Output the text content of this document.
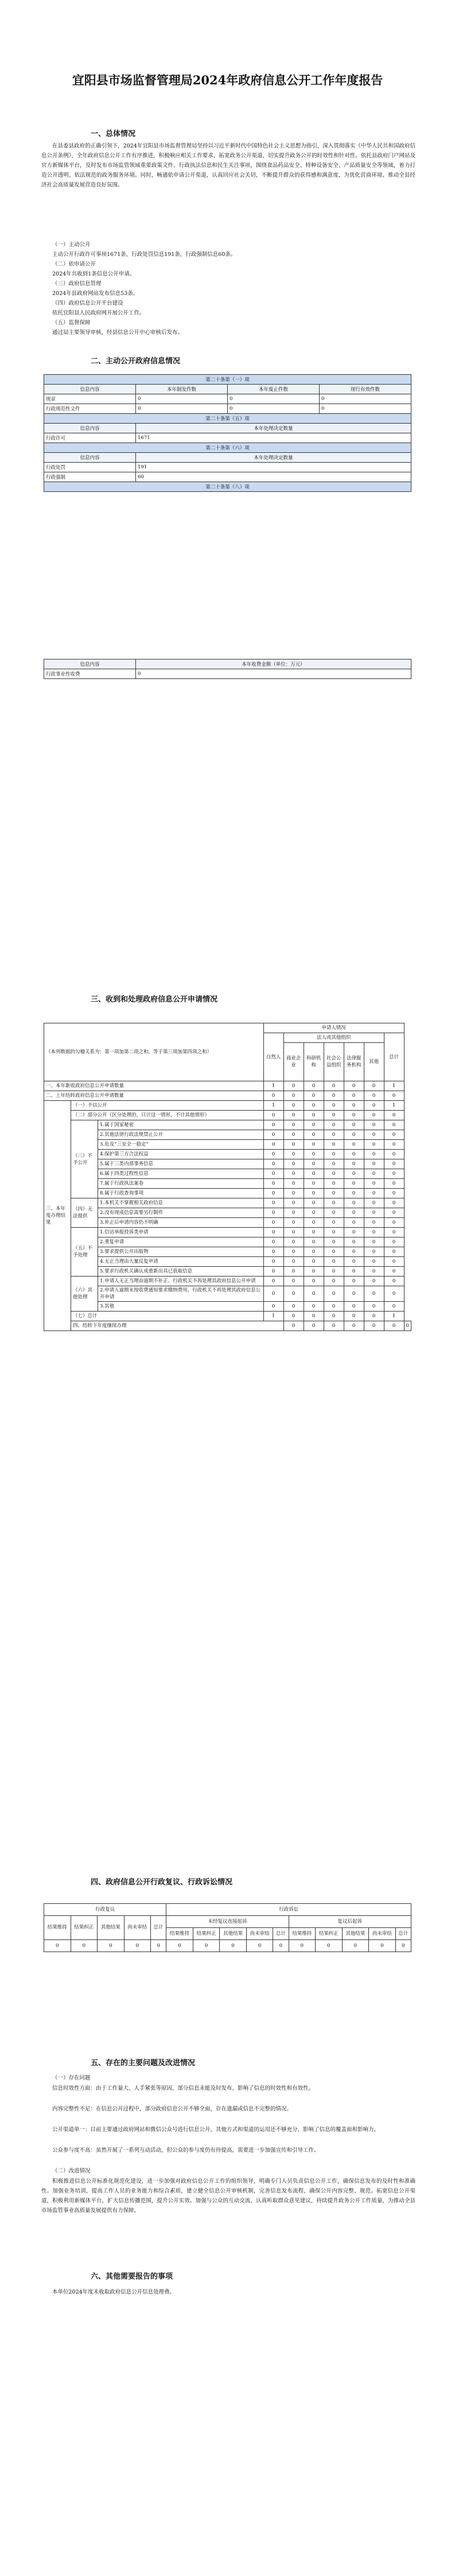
宜阳县市场监督管理局2024年政府信息公开工作年度报告
一、总体情况
在县委县政府的正确引领下，2024年宜阳县市场监督管理局坚持以习近平新时代中国特色社会主义思想为指引，深入贯彻落实《中华人民共和国政府信息公开条例》，全年政府信息公开工作有序推进，积极响应相关工作要求，拓宽政务公开渠道，切实提升政务公开的时效性和针对性。依托县政府门户网站及官方新媒体平台，及时发布市场监管领域重要政策文件、行政执法信息和民生关注事项，围绕食品药品安全、特种设备安全、产品质量安全等领域，着力打造公开透明、依法规范的政务服务环境。同时，畅通依申请公开渠道，认真回应社会关切，不断提升群众的获得感和满意度，为优化营商环境、推动全县经济社会高质量发展营造良好氛围。
（一）主动公开
主动公开行政许可事项1671条，行政处罚信息191条，行政强制信息60条。
（二）依申请公开
2024年共收到1条信息公开申请。
（三）政府信息管理
2024年县政府网站发布信息53条。
（四）政府信息公开平台建设
依托宜阳县人民政府网开展公开工作。
（五）监督保障
通过局主要领导审核，经县信息公开中心审核后发布。
二、主动公开政府信息情况
第二十条第（一）项			
信息内容	本年制发件数	本年废止件数	现行有效件数
规章	0	0	0
行政规范性文件	0	0	0
第二十条第（五）项			
信息内容	本年处理决定数量		
行政许可	1671		
第二十条第（六）项			
信息内容	本年处理决定数量		
行政处罚	191		
行政强制	60		
第二十条第（八）项			
信息内容	本年收费金额（单位：万元）
行政事业性收费	0
三、收到和处理政府信息公开申请情况
（本列数据的勾稽关系为：第一项加第二项之和，等于第三项加第四项之和）			申请人情况							
			自然人	法人或其他组织					总计	
				商业企业	科研机构	社会公益组织	法律服务机构	其他		
一、本年新收政府信息公开申请数量			1	0	0	0	0	0	1	
二、上年结转政府信息公开申请数量			0	0	0	0	0	0	0	
三、本年度办理结果	（一）予以公开		1	0	0	0	0	0	1	
	（二）部分公开（区分处理的，只计这一情形，不计其他情形）		0	0	0	0	0	0	0	
	（三）不予公开	1.属于国家秘密	0	0	0	0	0	0	0	
		2.其他法律行政法规禁止公开	0	0	0	0	0	0	0	
		3.危及“三安全一稳定”	0	0	0	0	0	0	0	
		4.保护第三方合法权益	0	0	0	0	0	0	0	
		5.属于三类内部事务信息	0	0	0	0	0	0	0	
		6.属于四类过程性信息	0	0	0	0	0	0	0	
		7.属于行政执法案卷	0	0	0	0	0	0	0	
		8.属于行政查询事项	0	0	0	0	0	0	0	
	（四）无法提供	1.本机关不掌握相关政府信息	0	0	0	0	0	0	0	
		2.没有现成信息需要另行制作	0	0	0	0	0	0	0	
		3.补正后申请内容仍不明确	0	0	0	0	0	0	0	
	（五）不予处理	1.信访举报投诉类申请	0	0	0	0	0	0	0	
		2.重复申请	0	0	0	0	0	0	0	
		3.要求提供公开出版物	0	0	0	0	0	0	0	
		4.无正当理由大量反复申请	0	0	0	0	0	0	0	
		5.要求行政机关确认或重新出具已获取信息	0	0	0	0	0	0	0	
	（六）其他处理	1.申请人无正当理由逾期不补正、行政机关不再处理其政府信息公开申请	0	0	0	0	0	0	0	
		2.申请人逾期未按收费通知要求缴纳费用、行政机关不再处理其政府信息公开申请	0	0	0	0	0	0	0	
		3.其他	0	0	0	0	0	0	0	
	（七）总计		1	0	0	0	0	0	1	
	四、结转下年度继续办理			0	0	0	0	0	0	0
四、政府信息公开行政复议、行政诉讼情况
行政复议					行政诉讼									
结果维持	结果纠正	其他结果	尚未审结	总计	未经复议直接起诉					复议后起诉				
					结果维持	结果纠正	其他结果	尚未审结	总计	结果维持	结果纠正	其他结果	尚未审结	总计
0	0	0	0	0	0	0	0	0	0	0	0	0	0	0
五、存在的主要问题及改进情况
（一）存在问题
信息时效性方面：由于工作量大、人手紧张等原因，部分信息未能及时发布，影响了信息的时效性和有效性。
内容完整性不足：在信息公开过程中，部分政府信息公开不够全面，存在遗漏或信息不完整的情况。
公开渠道单一：目前主要通过政府网站和微信公众号进行信息公开，其他方式和渠道的运用还不够充分，影响了信息的覆盖面和影响力。
公众参与度不高：虽然开展了一系列互动活动，但公众的参与度仍有待提高，需要进一步加强宣传和引导工作。
（二）改进情况
积极推进信息公开标准化规范化建设，进一步加强对政府信息公开工作的组织领导，明确专门人员负责信息公开工作，确保信息发布的及时性和准确性。加强业务培训，提高工作人员的业务能力和综合素质，建立健全信息公开审核机制，完善信息发布流程，确保公开内容完整、规范。拓宽信息公开渠道，积极利用新媒体平台，扩大信息传播范围，提升公开实效。加强与公众的互动交流，认真听取群众意见建议，持续提升政务公开工作质量，为推动全县市场监管事业高质量发展提供有力保障。
六、其他需要报告的事项
本单位2024年度未收取政府信息公开信息处理费。
